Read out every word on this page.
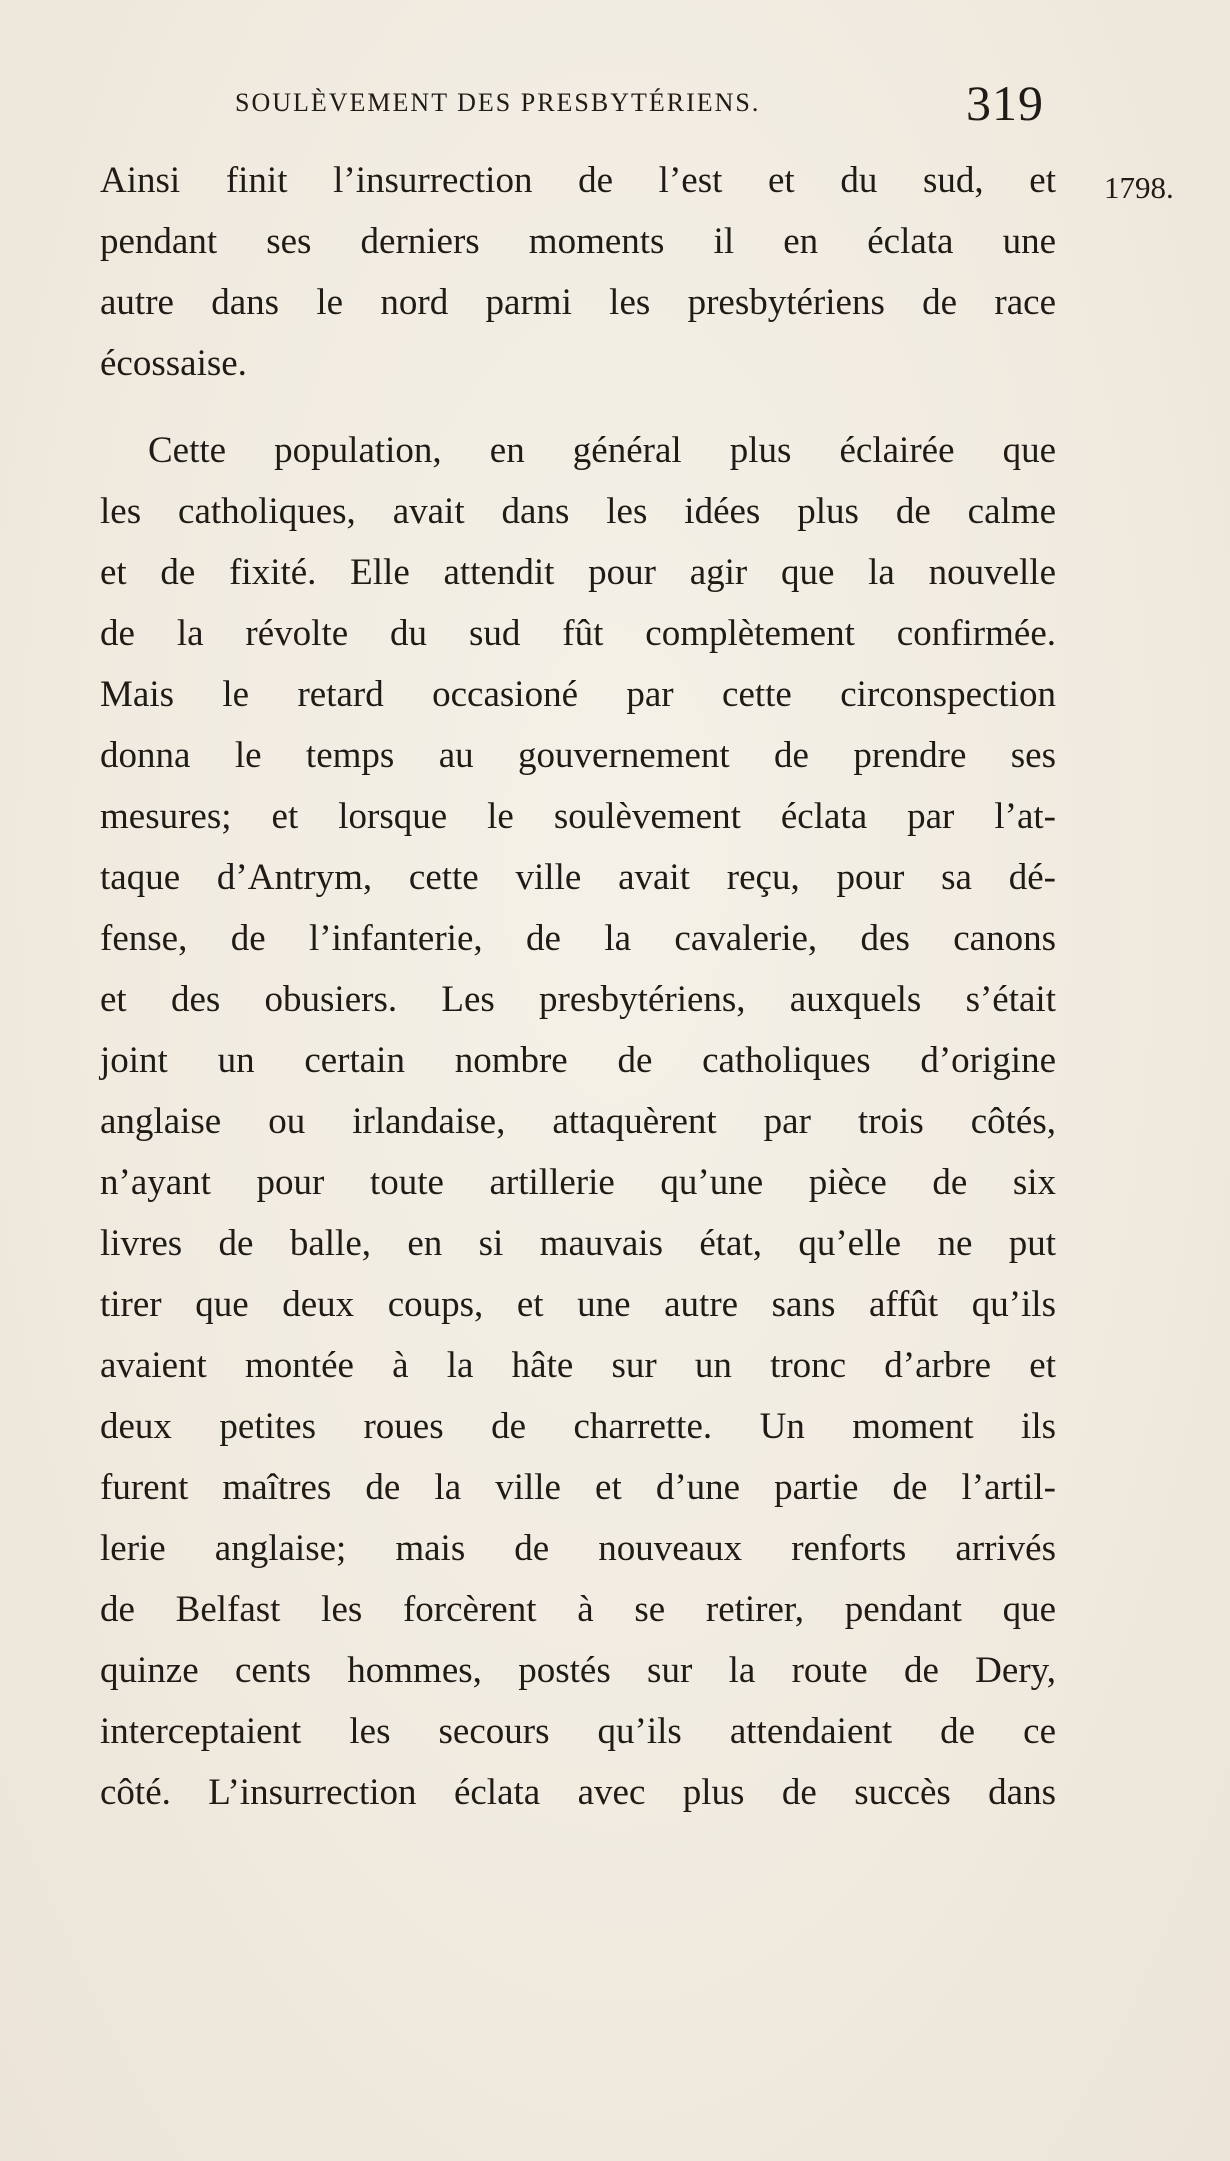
SOULÈVEMENT DES PRESBYTÉRIENS.	319
1798.
Ainsi finit l’insurrection de l’est et du sud, et
pendant ses derniers moments il en éclata une
autre dans le nord parmi les presbytériens de race
écossaise.
Cette population, en général plus éclairée que
les catholiques, avait dans les idées plus de calme
et de fixité. Elle attendit pour agir que la nouvelle
de la révolte du sud fût complètement confirmée.
Mais le retard occasioné par cette circonspection
donna le temps au gouvernement de prendre ses
mesures; et lorsque le soulèvement éclata par l’at-
taque d’Antrym, cette ville avait reçu, pour sa dé-
fense, de l’infanterie, de la cavalerie, des canons
et des obusiers. Les presbytériens, auxquels s’était
joint un certain nombre de catholiques d’origine
anglaise ou irlandaise, attaquèrent par trois côtés,
n’ayant pour toute artillerie qu’une pièce de six
livres de balle, en si mauvais état, qu’elle ne put
tirer que deux coups, et une autre sans affût qu’ils
avaient montée à la hâte sur un tronc d’arbre et
deux petites roues de charrette. Un moment ils
furent maîtres de la ville et d’une partie de l’artil-
lerie anglaise; mais de nouveaux renforts arrivés
de Belfast les forcèrent à se retirer, pendant que
quinze cents hommes, postés sur la route de Dery,
interceptaient les secours qu’ils attendaient de ce
côté. L’insurrection éclata avec plus de succès dans
